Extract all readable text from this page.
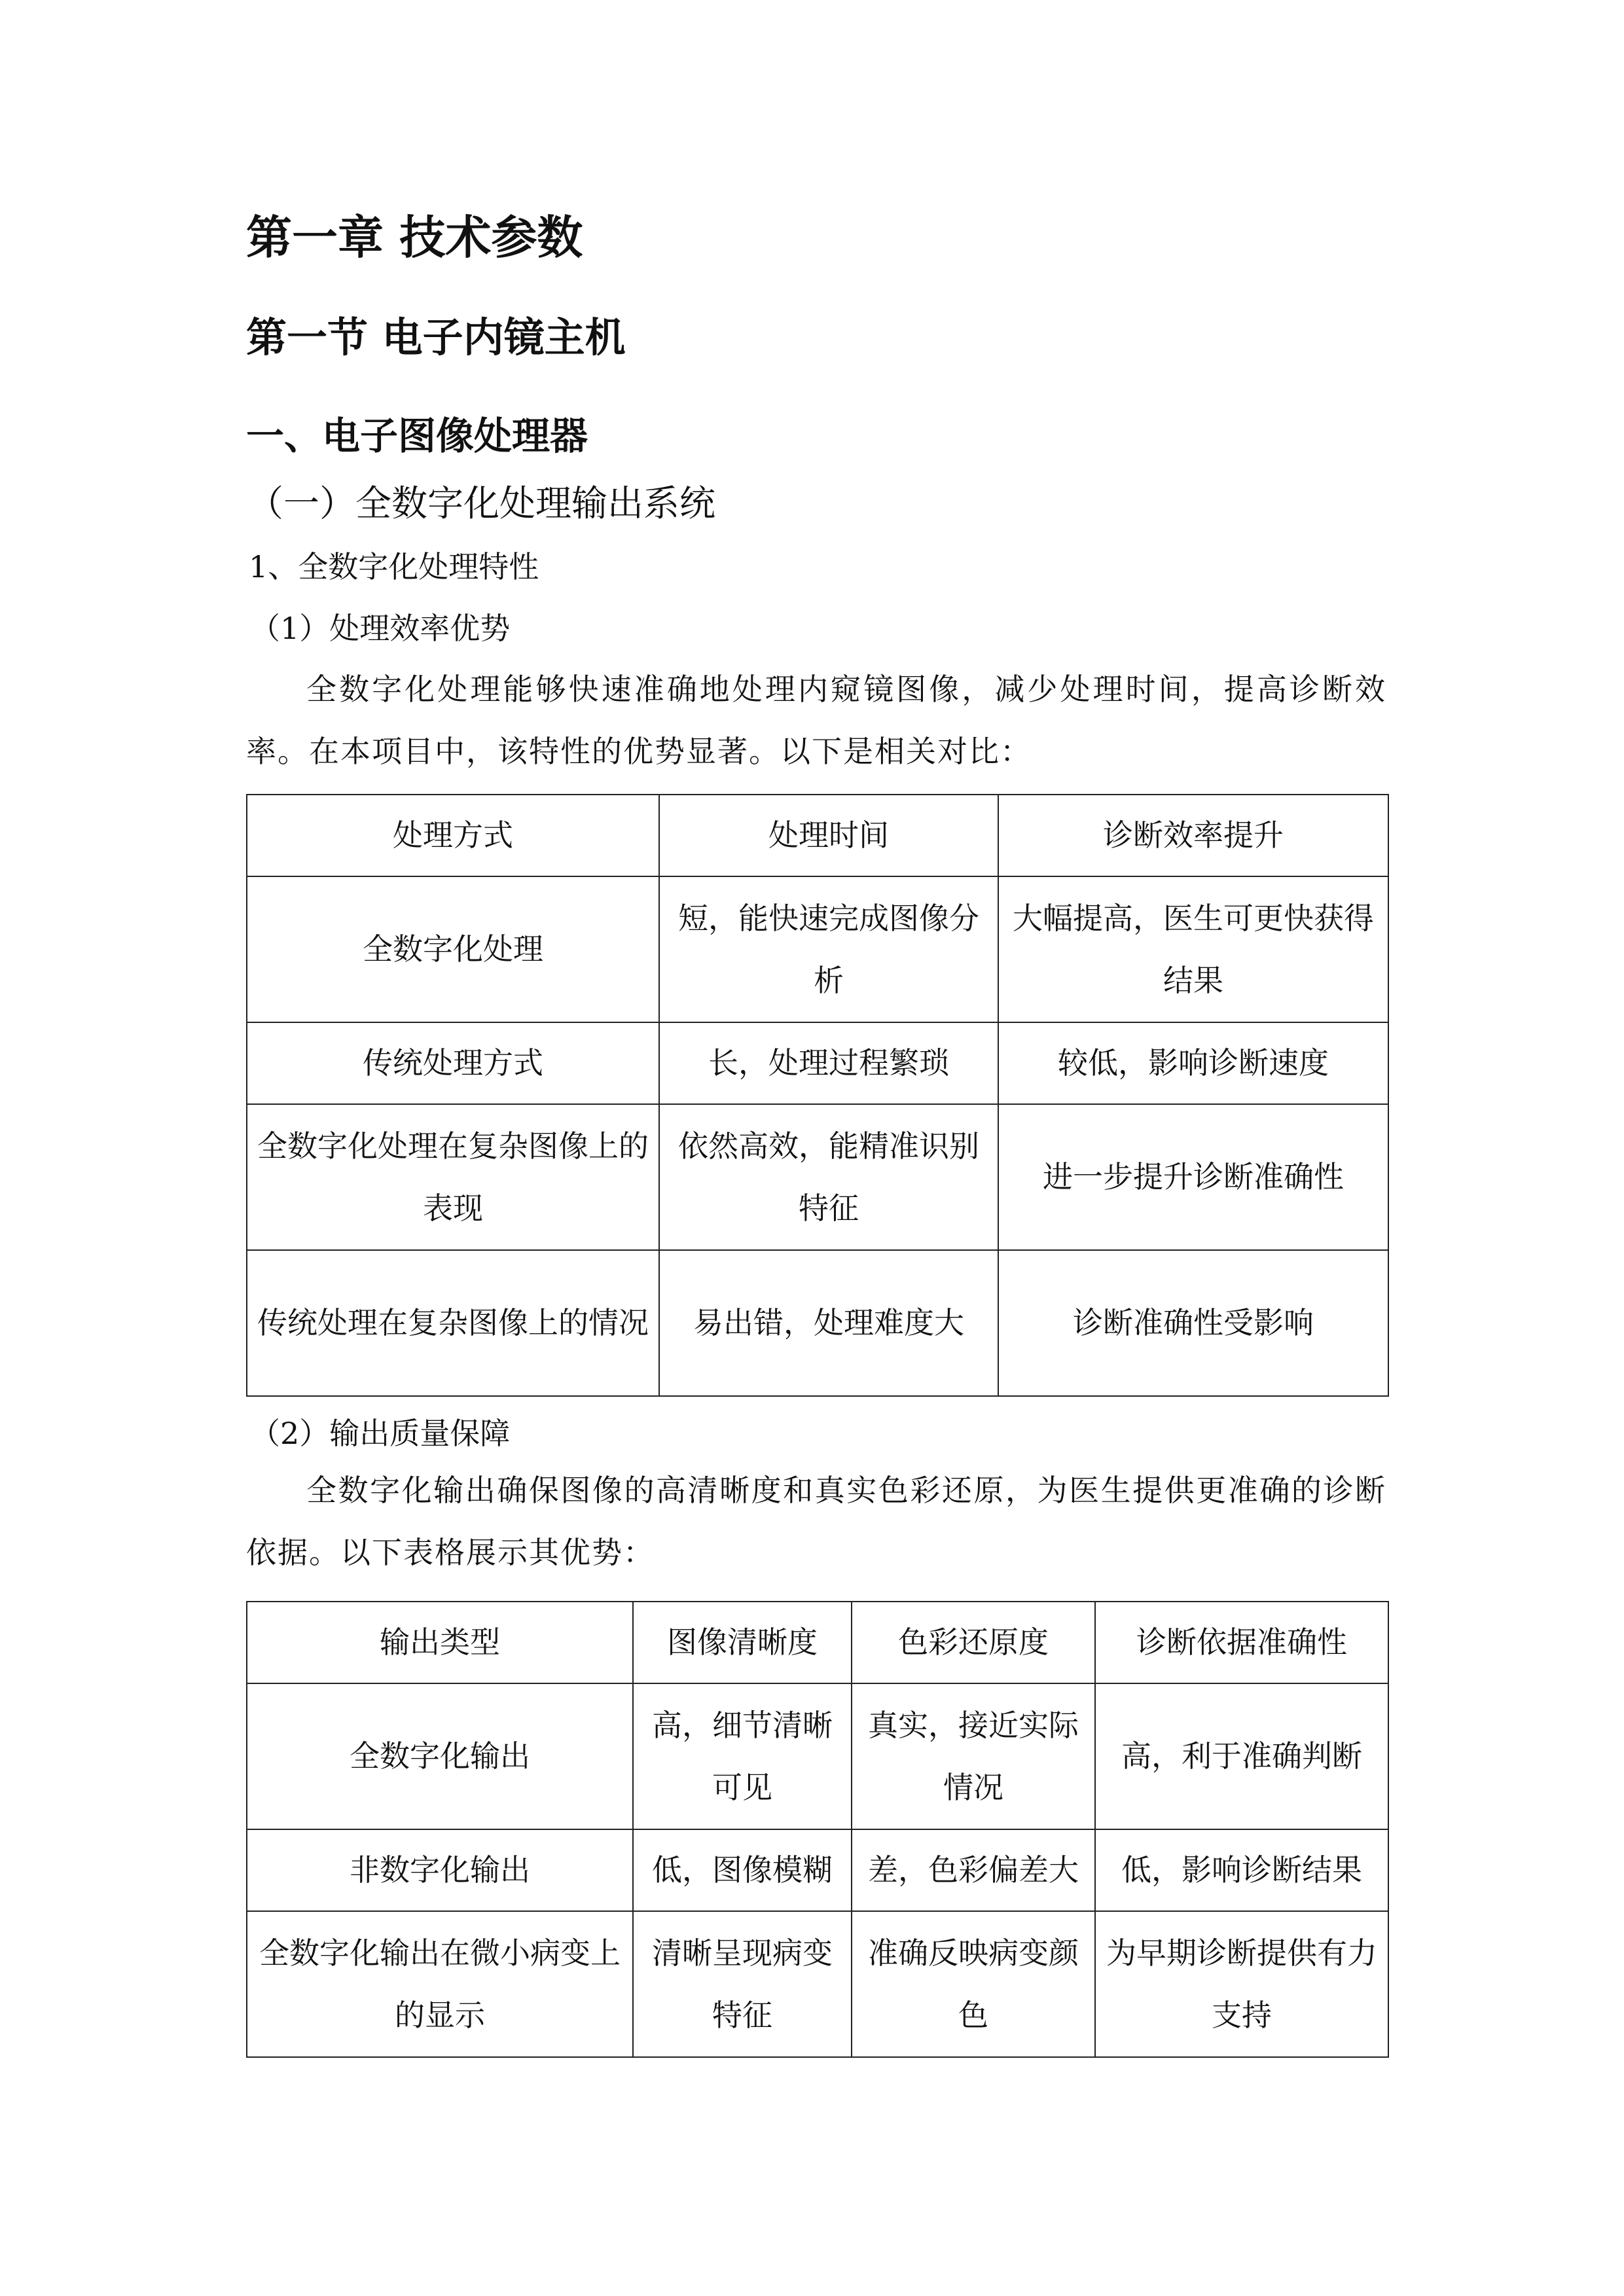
第一章 技术参数
第一节 电子内镜主机
一、电子图像处理器
（一）全数字化处理输出系统
1、全数字化处理特性
（1）处理效率优势

全数字化处理能够快速准确地处理内窥镜图像，减少处理时间，提高诊断效率。在本项目中，该特性的优势显著。以下是相关对比：

处理方式	处理时间	诊断效率提升
全数字化处理	短，能快速完成图像分析	大幅提高，医生可更快获得结果
传统处理方式	长，处理过程繁琐	较低，影响诊断速度
全数字化处理在复杂图像上的表现	依然高效，能精准识别特征	进一步提升诊断准确性
传统处理在复杂图像上的情况	易出错，处理难度大	诊断准确性受影响
（2）输出质量保障

全数字化输出确保图像的高清晰度和真实色彩还原，为医生提供更准确的诊断依据。以下表格展示其优势：

输出类型	图像清晰度	色彩还原度	诊断依据准确性
全数字化输出	高，细节清晰可见	真实，接近实际情况	高，利于准确判断
非数字化输出	低，图像模糊	差，色彩偏差大	低，影响诊断结果
全数字化输出在微小病变上的显示	清晰呈现病变特征	准确反映病变颜色	为早期诊断提供有力支持
